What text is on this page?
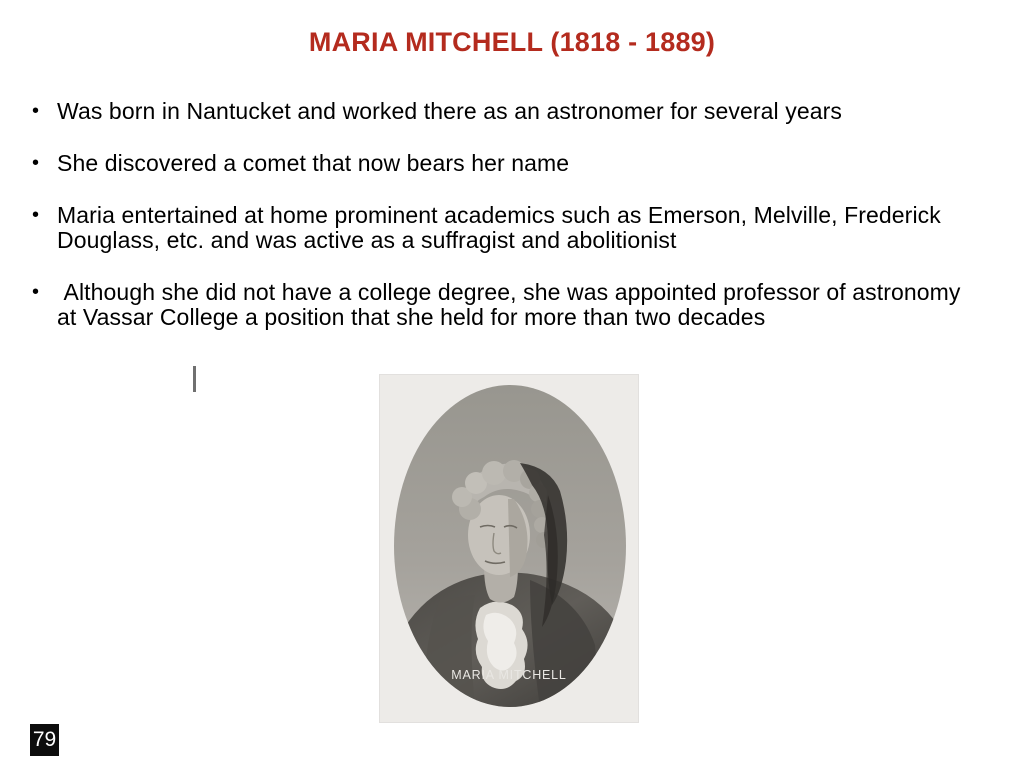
MARIA MITCHELL (1818 - 1889)
• Was born in Nantucket and worked there as an astronomer for several years
• She discovered a comet that now bears her name
• Maria entertained at home prominent academics such as Emerson, Melville, Frederick Douglass, etc. and was active as a suffragist and abolitionist
• Although she did not have a college degree, she was appointed professor of astronomy at Vassar College a position that she held for more than two decades
MARIA MITCHELL
79
